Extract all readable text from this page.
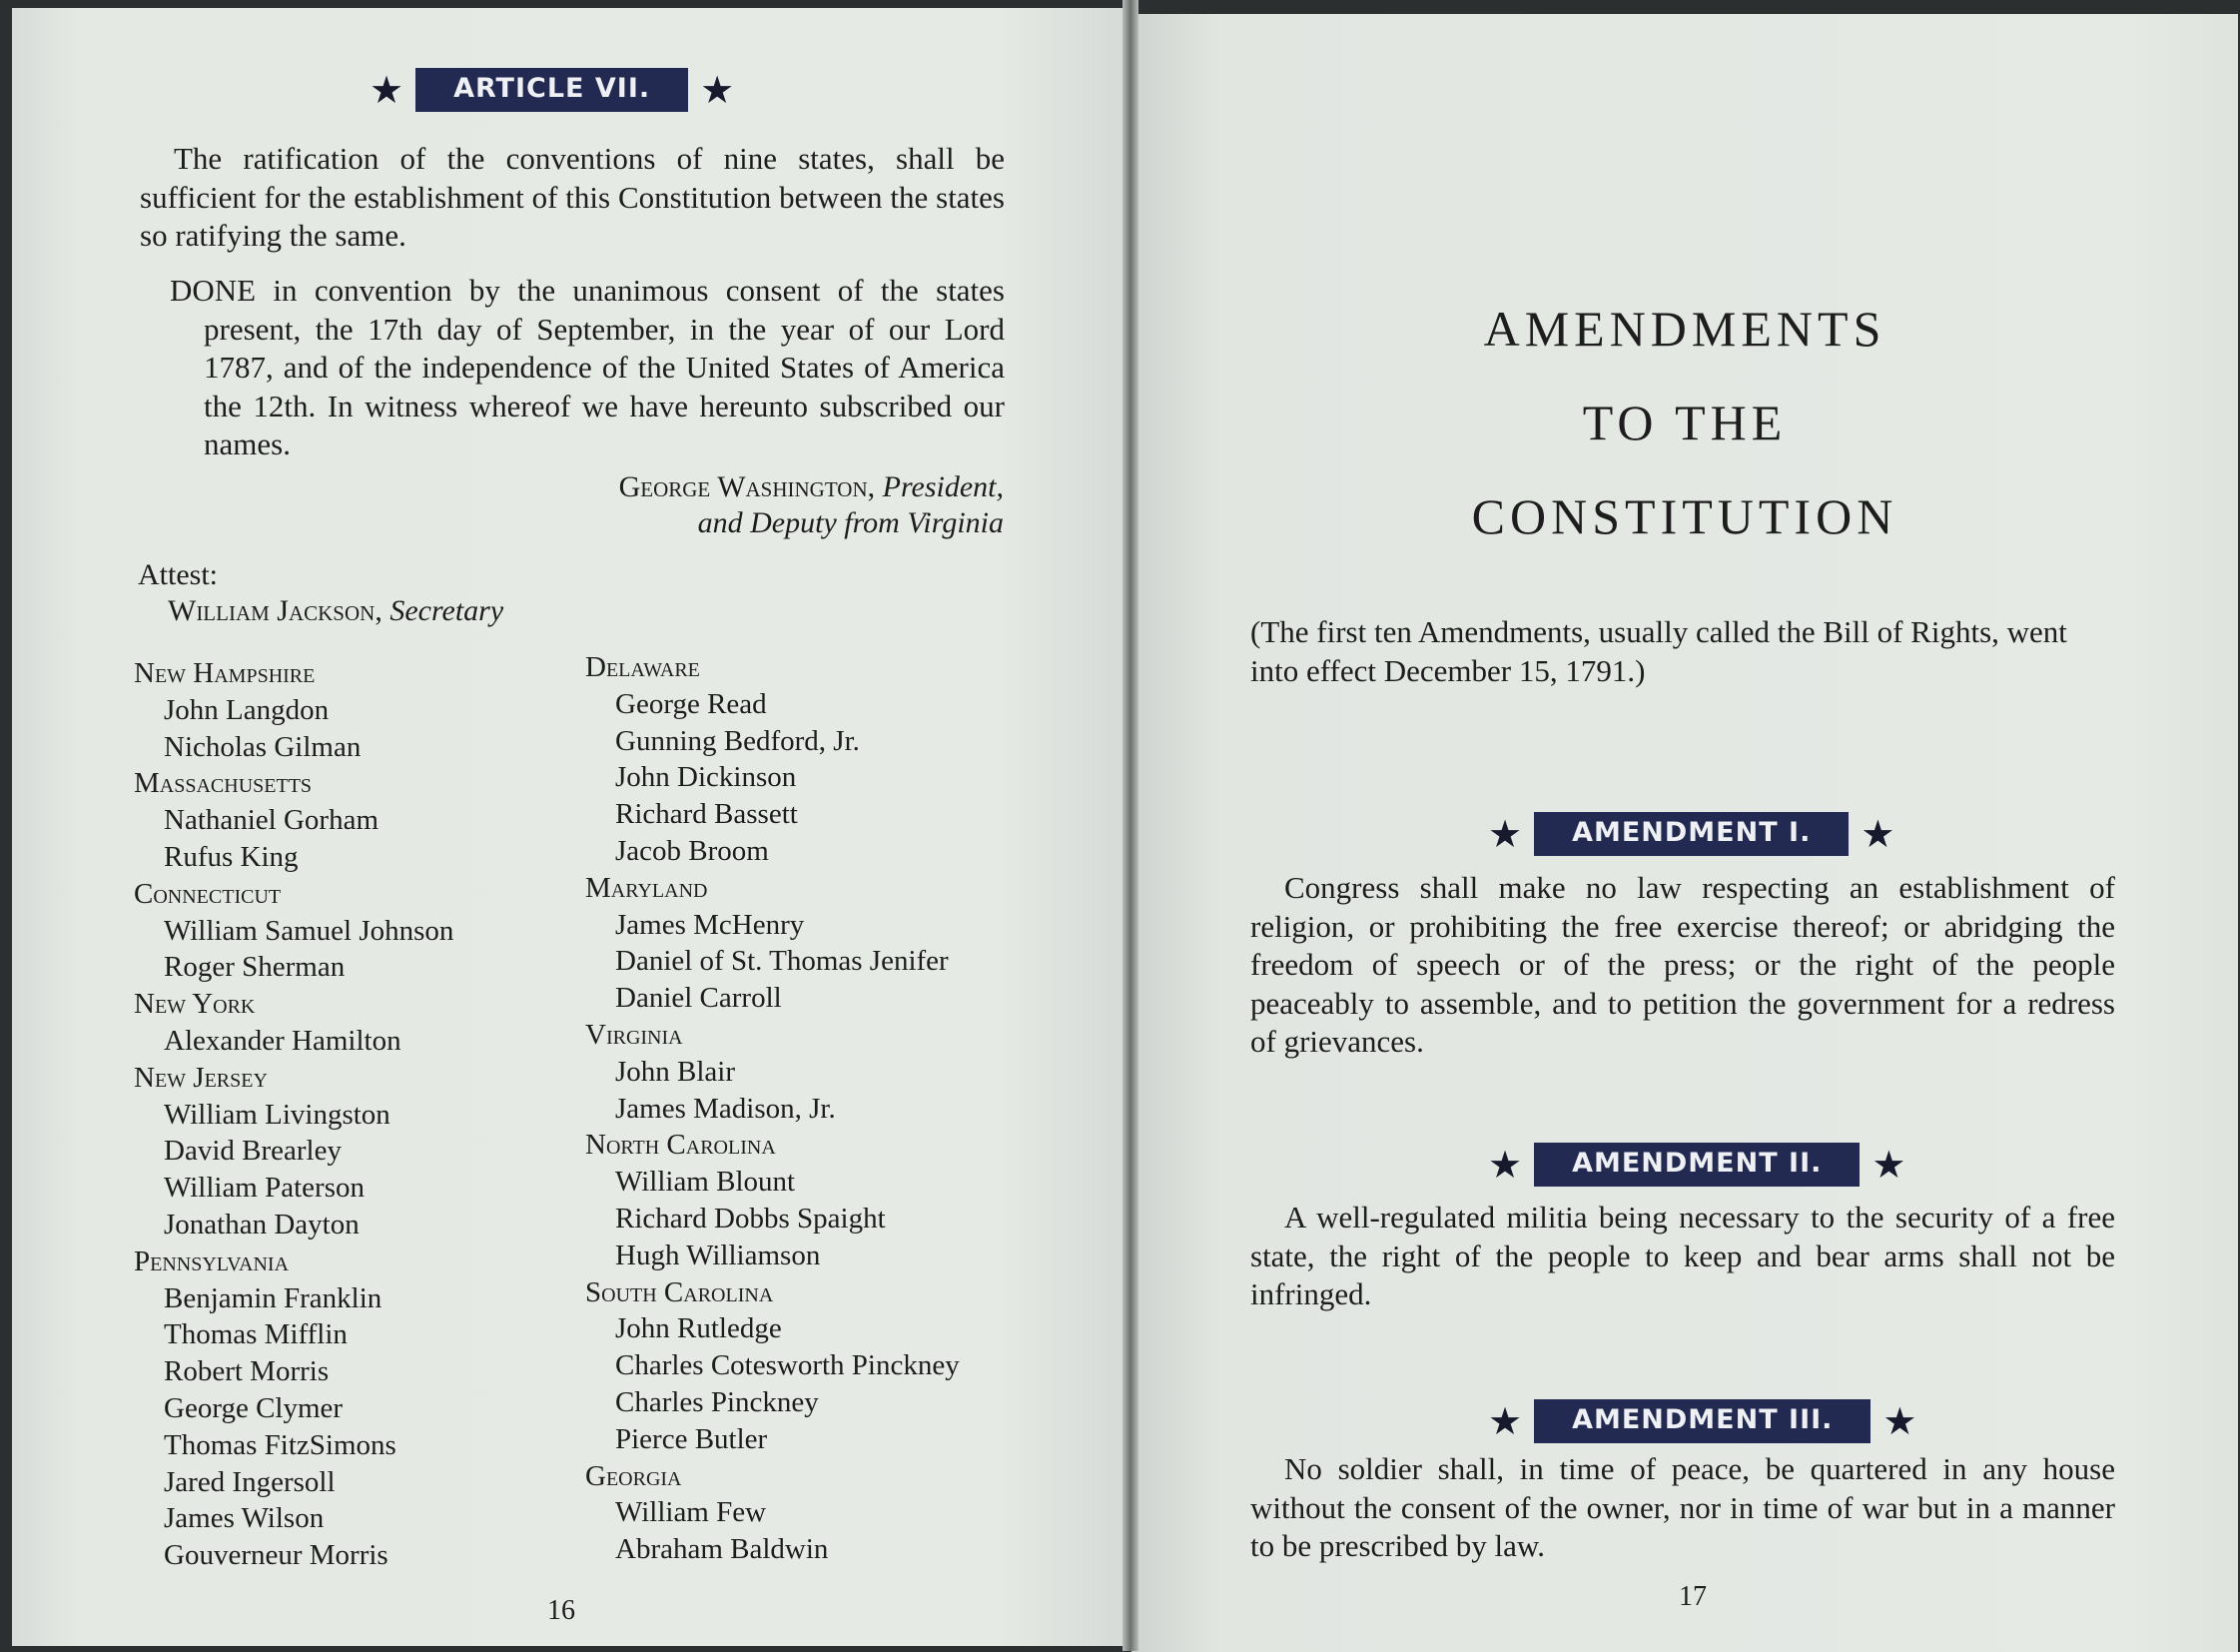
★	ARTICLE VII.	★

The ratification of the conventions of nine states, shall be sufficient for the establishment of this Constitution between the states so ratifying the same.

DONE in convention by the unanimous consent of the states present, the 17th day of September, in the year of our Lord 1787, and of the independence of the United States of America the 12th. In witness whereof we have hereunto subscribed our names.

George Washington, President,
and Deputy from Virginia
Attest:
William Jackson, Secretary
New Hampshire
John Langdon
Nicholas Gilman
Massachusetts
Nathaniel Gorham
Rufus King
Connecticut
William Samuel Johnson
Roger Sherman
New York
Alexander Hamilton
New Jersey
William Livingston
David Brearley
William Paterson
Jonathan Dayton
Pennsylvania
Benjamin Franklin
Thomas Mifflin
Robert Morris
George Clymer
Thomas FitzSimons
Jared Ingersoll
James Wilson
Gouverneur Morris
Delaware
George Read
Gunning Bedford, Jr.
John Dickinson
Richard Bassett
Jacob Broom
Maryland
James McHenry
Daniel of St. Thomas Jenifer
Daniel Carroll
Virginia
John Blair
James Madison, Jr.
North Carolina
William Blount
Richard Dobbs Spaight
Hugh Williamson
South Carolina
John Rutledge
Charles Cotesworth Pinckney
Charles Pinckney
Pierce Butler
Georgia
William Few
Abraham Baldwin
16
AMENDMENTS
TO THE
CONSTITUTION

(The first ten Amendments, usually called the Bill of Rights, went into effect December 15, 1791.)

★	AMENDMENT I.	★

Congress shall make no law respecting an establishment of religion, or prohibiting the free exercise thereof; or abridging the freedom of speech or of the press; or the right of the people peaceably to assemble, and to petition the government for a redress of grievances.

★	AMENDMENT II.	★

A well-regulated militia being necessary to the security of a free state, the right of the people to keep and bear arms shall not be infringed.

★	AMENDMENT III.	★

No soldier shall, in time of peace, be quartered in any house without the consent of the owner, nor in time of war but in a manner to be prescribed by law.

17
